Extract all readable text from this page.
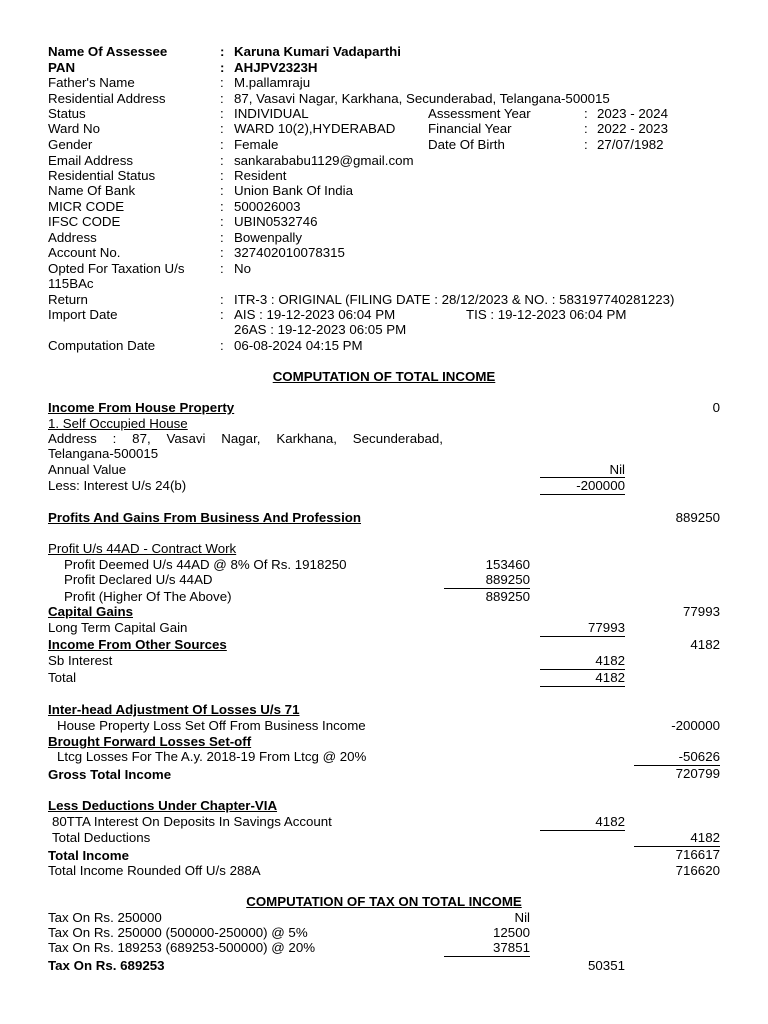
Name Of Assessee	: Karuna Kumari Vadaparthi
PAN	: AHJPV2323H
Father's Name	: M.pallamraju
Residential Address	: 87, Vasavi Nagar, Karkhana, Secunderabad, Telangana-500015
Status	: INDIVIDUAL	Assessment Year	: 2023 - 2024
Ward No	: WARD 10(2),HYDERABAD Financial Year	: 2022 - 2023
Gender	: Female	Date Of Birth	: 27/07/1982
Email Address	: sankarababu1129@gmail.com
Residential Status	: Resident
Name Of Bank	: Union Bank Of India
MICR CODE	: 500026003
IFSC CODE	: UBIN0532746
Address	: Bowenpally
Account No.	: 327402010078315
Opted For Taxation U/s	: No
115BAc
Return	: ITR-3 : ORIGINAL (FILING DATE : 28/12/2023 & NO. : 583197740281223)
Import Date	: AIS : 19-12-2023 06:04 PM	TIS : 19-12-2023 06:04 PM
26AS : 19-12-2023 06:05 PM
Computation Date	: 06-08-2024 04:15 PM
COMPUTATION OF TOTAL INCOME
Income From House Property	0
1. Self Occupied House
Address : 87, Vasavi Nagar, Karkhana, Secunderabad,
Telangana-500015
Annual Value	Nil
Less: Interest U/s 24(b)	-200000
Profits And Gains From Business And Profession	889250
Profit U/s 44AD - Contract Work
Profit Deemed U/s 44AD @ 8% Of Rs. 1918250	153460
Profit Declared U/s 44AD	889250
Profit (Higher Of The Above)	889250
Capital Gains	77993
Long Term Capital Gain	77993
Income From Other Sources	4182
Sb Interest	4182
Total	4182
Inter-head Adjustment Of Losses U/s 71
House Property Loss Set Off From Business Income	-200000
Brought Forward Losses Set-off
Ltcg Losses For The A.y. 2018-19 From Ltcg @ 20%	-50626
Gross Total Income	720799
Less Deductions Under Chapter-VIA
80TTA Interest On Deposits In Savings Account	4182
Total Deductions	4182
Total Income	716617
Total Income Rounded Off U/s 288A	716620
COMPUTATION OF TAX ON TOTAL INCOME
Tax On Rs. 250000	Nil
Tax On Rs. 250000 (500000-250000) @ 5%	12500
Tax On Rs. 189253 (689253-500000) @ 20%	37851
Tax On Rs. 689253	50351
